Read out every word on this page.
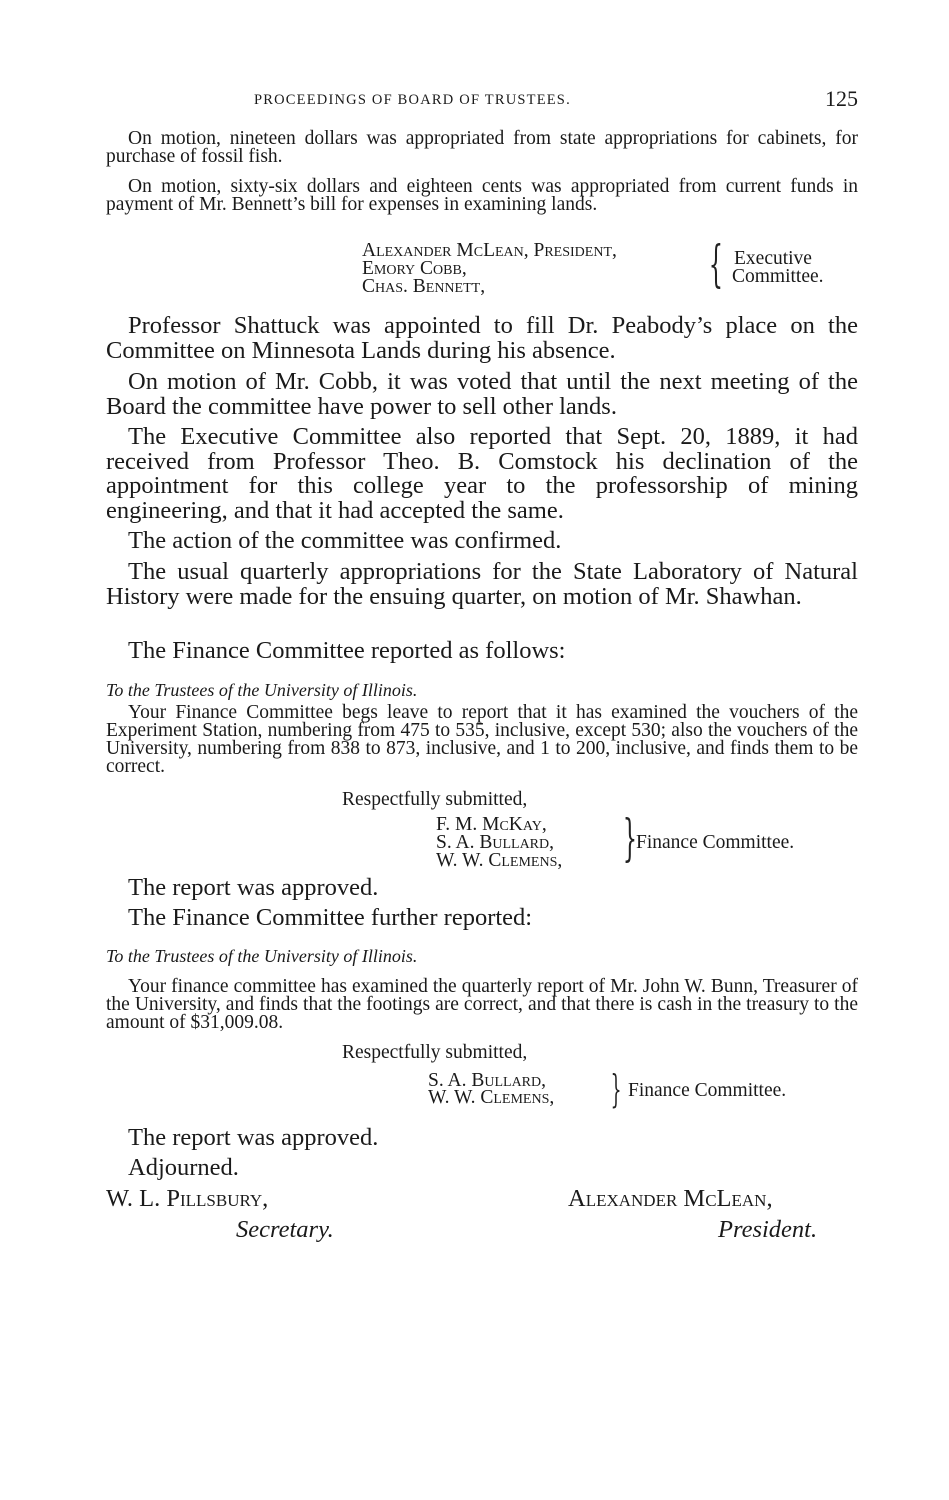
PROCEEDINGS OF BOARD OF TRUSTEES.	125

On motion, nineteen dollars was appropriated from state appropriations for cabinets, for purchase of fossil fish.

On motion, sixty-six dollars and eighteen cents was appropriated from current funds in payment of Mr. Bennett’s bill for expenses in examining lands.

Alexander McLean, President,
Emory Cobb,
Chas. Bennett,	{ Executive
Committee.

Professor Shattuck was appointed to fill Dr. Peabody’s place on the Committee on Minnesota Lands during his absence.

On motion of Mr. Cobb, it was voted that until the next meeting of the Board the committee have power to sell other lands.

The Executive Committee also reported that Sept. 20, 1889, it had received from Professor Theo. B. Comstock his declination of the appointment for this college year to the professorship of mining engineering, and that it had accepted the same.

The action of the committee was confirmed.

The usual quarterly appropriations for the State Laboratory of Natural History were made for the ensuing quarter, on motion of Mr. Shawhan.

The Finance Committee reported as follows:

To the Trustees of the University of Illinois.

Your Finance Committee begs leave to report that it has examined the vouchers of the Experiment Station, numbering from 475 to 535, inclusive, except 530; also the vouchers of the University, numbering from 838 to 873, inclusive, and 1 to 200, inclusive, and finds them to be correct.

Respectfully submitted,
F. M. McKay,
S. A. Bullard,
W. W. Clemens, }
Finance Committee.

The report was approved.

The Finance Committee further reported:

To the Trustees of the University of Illinois.

Your finance committee has examined the quarterly report of Mr. John W. Bunn, Treasurer of the University, and finds that the footings are correct, and that there is cash in the treasury to the amount of $31,009.08.

Respectfully submitted,
S. A. Bullard,
W. W. Clemens, } Finance Committee.

The report was approved.

Adjourned.

W. L. Pillsbury,
Secretary.
Alexander McLean,
President.
